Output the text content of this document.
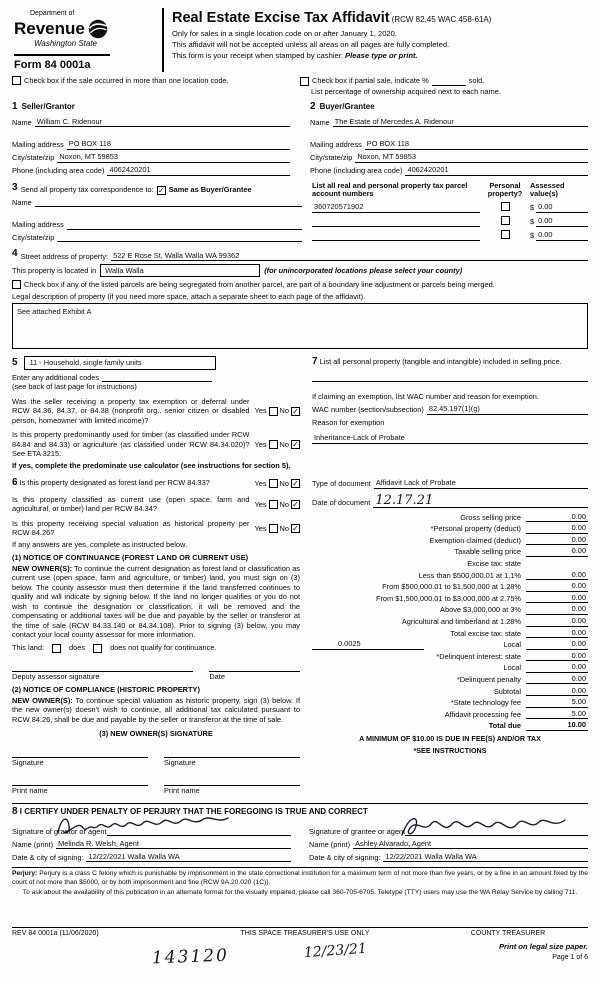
Department of
Revenue
Washington State
Form 84 0001a
Real Estate Excise Tax Affidavit (RCW 82.45 WAC 458-61A)
Only for sales in a single location code on or after January 1, 2020.
This affidavit will not be accepted unless all areas on all pages are fully completed.
This form is your receipt when stamped by cashier. Please type or print.
Check box if the sale occurred in more than one location code.	Check box if partial sale, indicate %	sold.
List percentage of ownership acquired next to each name.
1 Seller/Grantor
Name William C. Ridenour
Mailing address PO BOX 118
City/state/zip Noxon, MT 59853
Phone (including area code) 4062420201
2 Buyer/Grantee
Name The Estate of Mercedes A. Ridenour
Mailing address PO BOX 118
City/state/zip Noxon, MT 59853
Phone (including area code) 4062420201
3 Send all property tax correspondence to: ✓ Same as Buyer/Grantee
Name
Mailing address
City/state/zip
List all real and personal property tax parcel account numbers
Personal property?
Assessed value(s)
360720571902	$ 0.00
$ 0.00
$ 0.00
4 Street address of property: 522 E Rose St, Walla Walla WA 99362
This property is located in	Walla Walla	(for unincorporated locations please select your county)
Check box if any of the listed parcels are being segregated from another parcel, are part of a boundary line adjustment or parcels being merged.
Legal description of property (if you need more space, attach a separate sheet to each page of the affidavit).
See attached Exhibit A
5	11 - Household, single family units
Enter any additional codes
(see back of last page for instructions)
Was the seller receiving a property tax exemption or deferral under RCW 84.36, 84.37, or 84.38 (nonprofit org., senior citizen or disabled person, homeowner with limited income)?
Yes No ✓
Is this property predominantly used for timber (as classified under RCW 84.84 and 84.33) or agriculture (as classified under RCW 84.34.020)? See ETA 3215.
Yes No ✓
If yes, complete the predominate use calculator (see instructions for section 5).
7 List all personal property (tangible and intangible) included in selling price.
If claiming an exemption, list WAC number and reason for exemption.
WAC number (section/subsection) 82.45.197(1)(g)
Reason for exemption
Inheritance-Lack of Probate
6 Is this property designated as forest land per RCW 84.33?	Yes No ✓
Is this property classified as current use (open space, farm and agricultural, or timber) land per RCW 84.34?
Yes No ✓
Is this property receiving special valuation as historical property per RCW 84.26?
Yes No ✓
If any answers are yes, complete as instructed below.
(1) NOTICE OF CONTINUANCE (FOREST LAND OR CURRENT USE)
NEW OWNER(S): To continue the current designation as forest land or classification as current use (open space, farm and agriculture, or timber) land, you must sign on (3) below. The county assessor must then determine if the land transferred continues to qualify and will indicate by signing below. If the land no longer qualifies or you do not wish to continue the designation or classification, it will be removed and the compensating or additional taxes will be due and payable by the seller or transferor at the time of sale (RCW 84.33.140 or 84.34.108). Prior to signing (3) below, you may contact your local county assessor for more information.
This land:	does	does not qualify for continuance.
Deputy assessor signature	Date
(2) NOTICE OF COMPLIANCE (HISTORIC PROPERTY)
NEW OWNER(S): To continue special valuation as historic property, sign (3) below. If the new owner(s) doesn't wish to continue, all additional tax calculated pursuant to RCW 84.26, shall be due and payable by the seller or transferor at the time of sale.
(3) NEW OWNER(S) SIGNATURE
Signature	Signature
Print name	Print name
Type of document Affidavit Lack of Probate
Date of document 12.17.21
Gross selling price	0.00
*Personal property (deduct)	0.00
Exemption claimed (deduct)	0.00
Taxable selling price	0.00
Excise tax: state
Less than $500,000.01 at 1.1%	0.00
From $500,000.01 to $1,500,000 at 1.28%	0.00
From $1,500,000.01 to $3,000,000 at 2.75%	0.00
Above $3,000,000 at 3%	0.00
Agricultural and timberland at 1.28%	0.00
Total excise tax: state	0.00
0.0025	Local	0.00
*Delinquent interest: state	0.00
Local	0.00
*Delinquent penalty	0.00
Subtotal	0.00
*State technology fee	5.00
Affidavit processing fee	5.00
Total due	10.00
A MINIMUM OF $10.00 IS DUE IN FEE(S) AND/OR TAX
*SEE INSTRUCTIONS
8 I CERTIFY UNDER PENALTY OF PERJURY THAT THE FOREGOING IS TRUE AND CORRECT
Signature of grantor or agent
Name (print) Melinda R. Welsh, Agent
Date & city of signing: 12/22/2021 Walla Walla WA
Signature of grantee or agent
Name (print) Ashley Alvarado, Agent
Date & city of signing: 12/22/2021 Walla Walla WA
Perjury: Perjury is a class C felony which is punishable by imprisonment in the state correctional institution for a maximum term of not more than five years, or by a fine in an amount fixed by the court of not more than $5000, or by both imprisonment and fine (RCW 9A.20.020 (1C)).
To ask about the availability of this publication in an alternate format for the visually impaired, please call 360-705-6705. Teletype (TTY) users may use the WA Relay Service by calling 711.
REV 84 0001a (11/06/2020)	THIS SPACE TREASURER'S USE ONLY	COUNTY TREASURER
Print on legal size paper.
Page 1 of 6
143120	12/23/21
